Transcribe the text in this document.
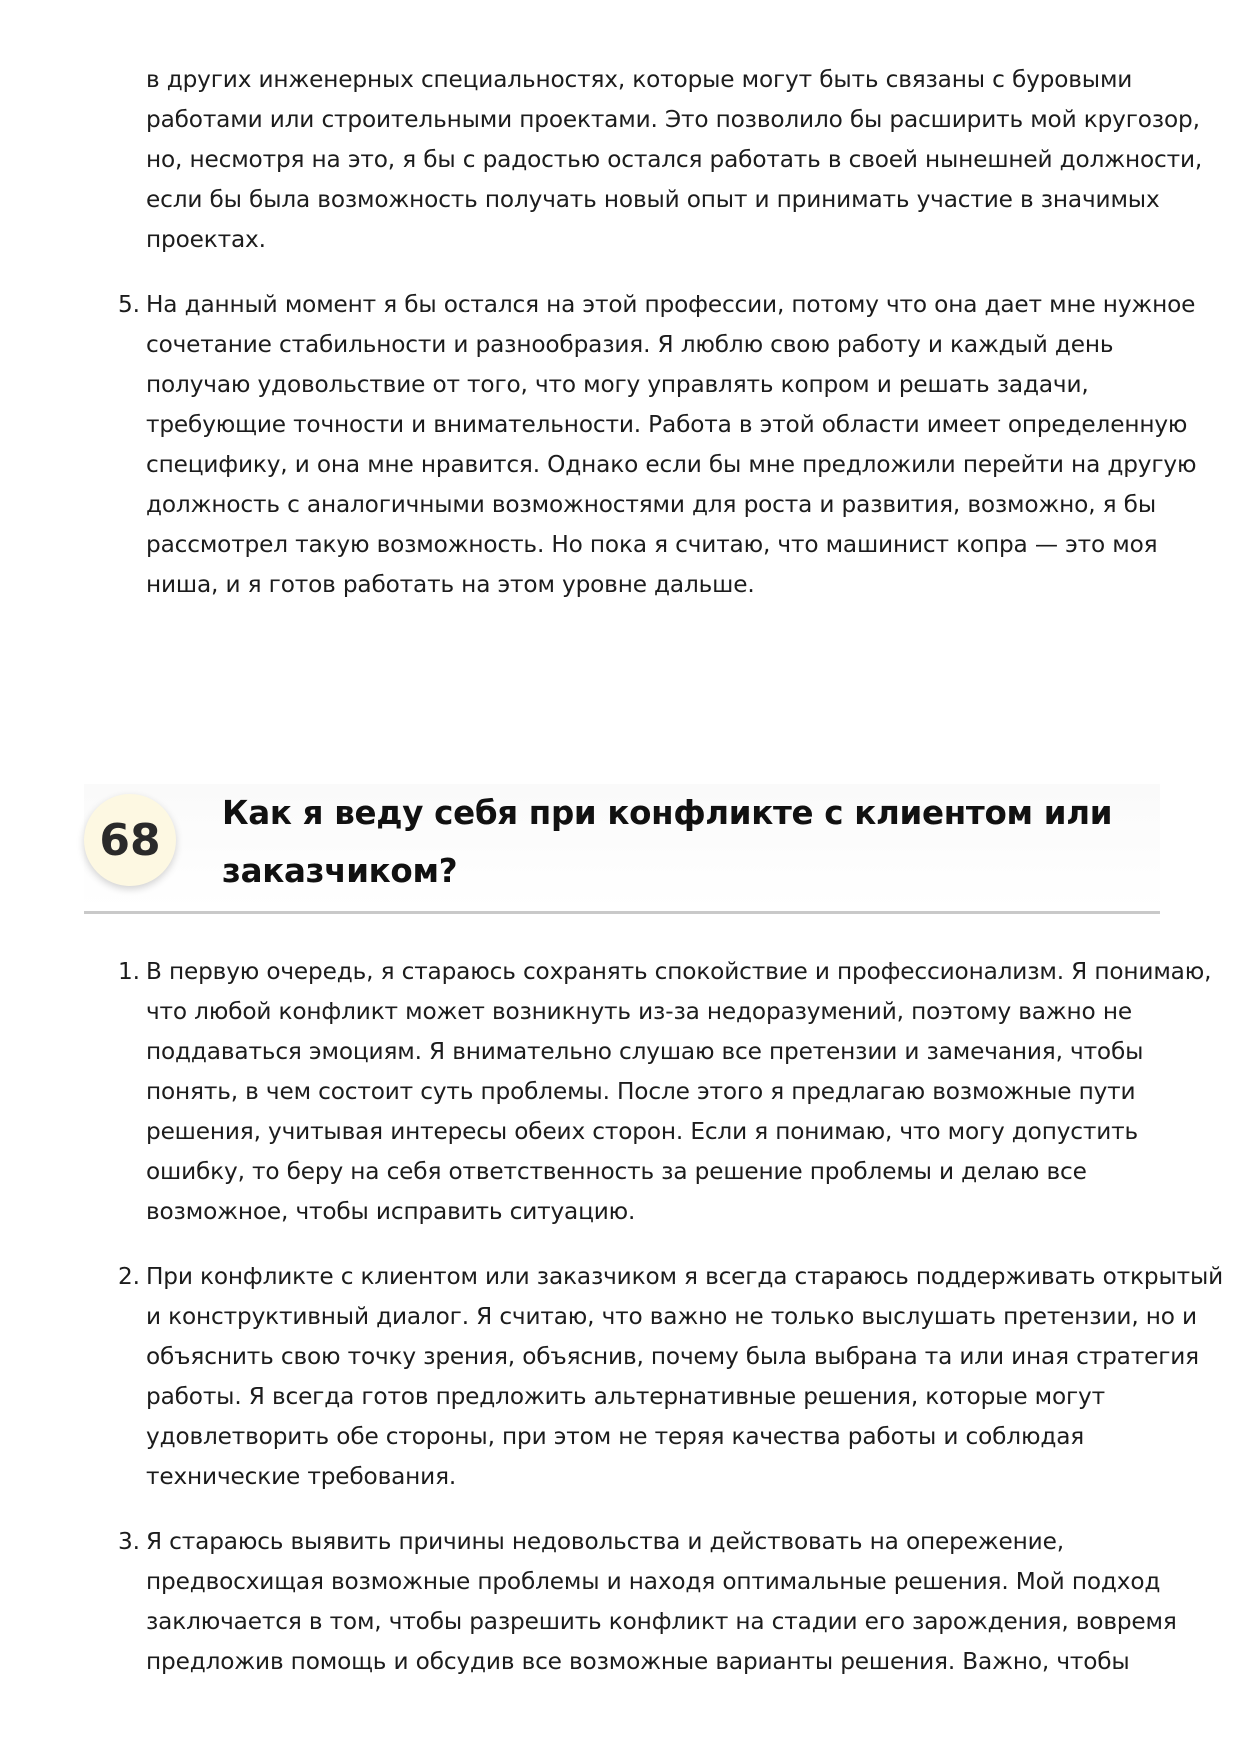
в других инженерных специальностях, которые могут быть связаны с буровыми

работами или строительными проектами. Это позволило бы расширить мой кругозор,

но, несмотря на это, я бы с радостью остался работать в своей нынешней должности,

если бы была возможность получать новый опыт и принимать участие в значимых

проектах.

5. На данный момент я бы остался на этой профессии, потому что она дает мне нужное

сочетание стабильности и разнообразия. Я люблю свою работу и каждый день

получаю удовольствие от того, что могу управлять копром и решать задачи,

требующие точности и внимательности. Работа в этой области имеет определенную

специфику, и она мне нравится. Однако если бы мне предложили перейти на другую

должность с аналогичными возможностями для роста и развития, возможно, я бы

рассмотрел такую возможность. Но пока я считаю, что машинист копра — это моя

ниша, и я готов работать на этом уровне дальше.

68

Как я веду себя при конфликте с клиентом или

заказчиком?

1. В первую очередь, я стараюсь сохранять спокойствие и профессионализм. Я понимаю,

что любой конфликт может возникнуть из-за недоразумений, поэтому важно не

поддаваться эмоциям. Я внимательно слушаю все претензии и замечания, чтобы

понять, в чем состоит суть проблемы. После этого я предлагаю возможные пути

решения, учитывая интересы обеих сторон. Если я понимаю, что могу допустить

ошибку, то беру на себя ответственность за решение проблемы и делаю все

возможное, чтобы исправить ситуацию.

2. При конфликте с клиентом или заказчиком я всегда стараюсь поддерживать открытый

и конструктивный диалог. Я считаю, что важно не только выслушать претензии, но и

объяснить свою точку зрения, объяснив, почему была выбрана та или иная стратегия

работы. Я всегда готов предложить альтернативные решения, которые могут

удовлетворить обе стороны, при этом не теряя качества работы и соблюдая

технические требования.

3. Я стараюсь выявить причины недовольства и действовать на опережение,

предвосхищая возможные проблемы и находя оптимальные решения. Мой подход

заключается в том, чтобы разрешить конфликт на стадии его зарождения, вовремя

предложив помощь и обсудив все возможные варианты решения. Важно, чтобы
